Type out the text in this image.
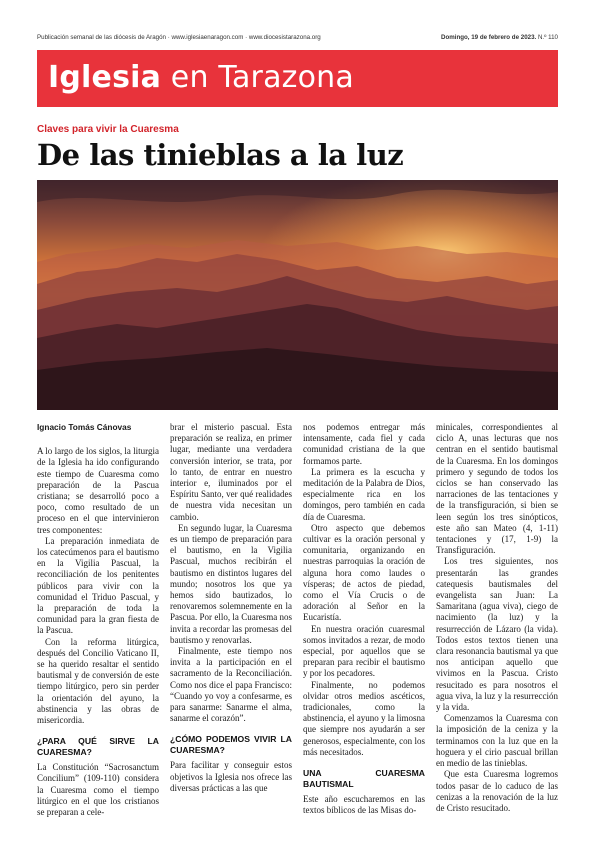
Publicación semanal de las diócesis de Aragón · www.iglesiaenaragon.com · www.diocesistarazona.org	Domingo, 19 de febrero de 2023. N.º 110
Iglesia en Tarazona
Claves para vivir la Cuaresma
De las tinieblas a la luz
Ignacio Tomás Cánovas

A lo largo de los siglos, la liturgia de la Iglesia ha ido configurando este tiempo de Cuaresma como preparación de la Pascua cristiana; se desarrolló poco a poco, como resultado de un proceso en el que intervinieron tres componentes:

La preparación inmediata de los catecúmenos para el bautismo en la Vigilia Pascual, la reconciliación de los penitentes públicos para vivir con la comunidad el Triduo Pascual, y la preparación de toda la comunidad para la gran fiesta de la Pascua.

Con la reforma litúrgica, después del Concilio Vaticano II, se ha querido resaltar el sentido bautismal y de conversión de este tiempo litúrgico, pero sin perder la orientación del ayuno, la abstinencia y las obras de misericordia.

¿PARA QUÉ SIRVE LA CUARESMA?

La Constitución “Sacrosanctum Concilium” (109-110) considera la Cuaresma como el tiempo litúrgico en el que los cristianos se preparan a cele-

brar el misterio pascual. Esta preparación se realiza, en primer lugar, mediante una verdadera conversión interior, se trata, por lo tanto, de entrar en nuestro interior e, iluminados por el Espíritu Santo, ver qué realidades de nuestra vida necesitan un cambio.

En segundo lugar, la Cuaresma es un tiempo de preparación para el bautismo, en la Vigilia Pascual, muchos recibirán el bautismo en distintos lugares del mundo; nosotros los que ya hemos sido bautizados, lo renovaremos solemnemente en la Pascua. Por ello, la Cuaresma nos invita a recordar las promesas del bautismo y renovarlas.

Finalmente, este tiempo nos invita a la participación en el sacramento de la Reconciliación. Como nos dice el papa Francisco: “Cuando yo voy a confesarme, es para sanarme: Sanarme el alma, sanarme el corazón”.

¿CÓMO PODEMOS VIVIR LA CUARESMA?

Para facilitar y conseguir estos objetivos la Iglesia nos ofrece las diversas prácticas a las que

nos podemos entregar más intensamente, cada fiel y cada comunidad cristiana de la que formamos parte.

La primera es la escucha y meditación de la Palabra de Dios, especialmente rica en los domingos, pero también en cada día de Cuaresma.

Otro aspecto que debemos cultivar es la oración personal y comunitaria, organizando en nuestras parroquias la oración de alguna hora como laudes o vísperas; de actos de piedad, como el Vía Crucis o de adoración al Señor en la Eucaristía.

En nuestra oración cuaresmal somos invitados a rezar, de modo especial, por aquellos que se preparan para recibir el bautismo y por los pecadores.

Finalmente, no podemos olvidar otros medios ascéticos, tradicionales, como la abstinencia, el ayuno y la limosna que siempre nos ayudarán a ser generosos, especialmente, con los más necesitados.

UNA CUARESMA BAUTISMAL

Este año escucharemos en las textos bíblicos de las Misas do-

minicales, correspondientes al ciclo A, unas lecturas que nos centran en el sentido bautismal de la Cuaresma. En los domingos primero y segundo de todos los ciclos se han conservado las narraciones de las tentaciones y de la transfiguración, si bien se leen según los tres sinópticos, este año san Mateo (4, 1-11) tentaciones y (17, 1-9) la Transfiguración.

Los tres siguientes, nos presentarán las grandes catequesis bautismales del evangelista san Juan: La Samaritana (agua viva), ciego de nacimiento (la luz) y la resurrección de Lázaro (la vida). Todos estos textos tienen una clara resonancia bautismal ya que nos anticipan aquello que vivimos en la Pascua. Cristo resucitado es para nosotros el agua viva, la luz y la resurrección y la vida.

Comenzamos la Cuaresma con la imposición de la ceniza y la terminamos con la luz que en la hoguera y el cirio pascual brillan en medio de las tinieblas.

Que esta Cuaresma logremos todos pasar de lo caduco de las cenizas a la renovación de la luz de Cristo resucitado.
